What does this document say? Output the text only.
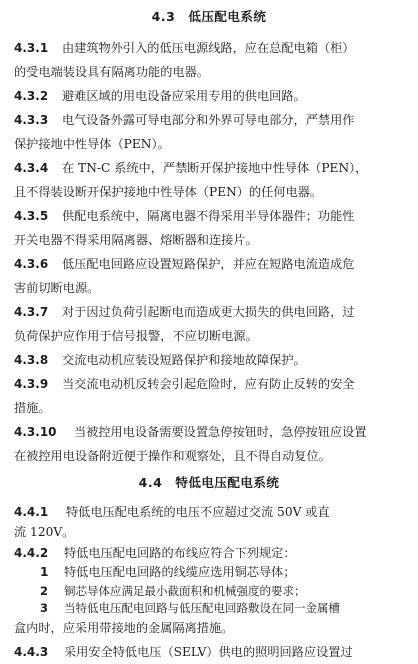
4.3　低压配电系统
4.3.1 由建筑物外引入的低压电源线路，应在总配电箱（柜）
的受电端装设具有隔离功能的电器。
4.3.2 避难区域的用电设备应采用专用的供电回路。
4.3.3 电气设备外露可导电部分和外界可导电部分，严禁用作
保护接地中性导体（PEN）。
4.3.4 在 TN-C 系统中，严禁断开保护接地中性导体（PEN），
且不得装设断开保护接地中性导体（PEN）的任何电器。
4.3.5 供配电系统中，隔离电器不得采用半导体器件；功能性
开关电器不得采用隔离器、熔断器和连接片。
4.3.6 低压配电回路应设置短路保护，并应在短路电流造成危
害前切断电源。
4.3.7 对于因过负荷引起断电而造成更大损失的供电回路，过
负荷保护应作用于信号报警，不应切断电源。
4.3.8 交流电动机应装设短路保护和接地故障保护。
4.3.9 当交流电动机反转会引起危险时，应有防止反转的安全
措施。
4.3.10 当被控用电设备需要设置急停按钮时，急停按钮应设置
在被控用电设备附近便于操作和观察处，且不得自动复位。
4.4　特低电压配电系统
4.4.1 特低电压配电系统的电压不应超过交流 50V 或直
流 120V。
4.4.2 特低电压配电回路的布线应符合下列规定：
1 特低电压配电回路的线缆应选用铜芯导体；
2 铜芯导体应满足最小截面积和机械强度的要求；
3 当特低电压配电回路与低压配电回路敷设在同一金属槽
盒内时，应采用带接地的金属隔离措施。
4.4.3 采用安全特低电压（SELV）供电的照明回路应设置过
